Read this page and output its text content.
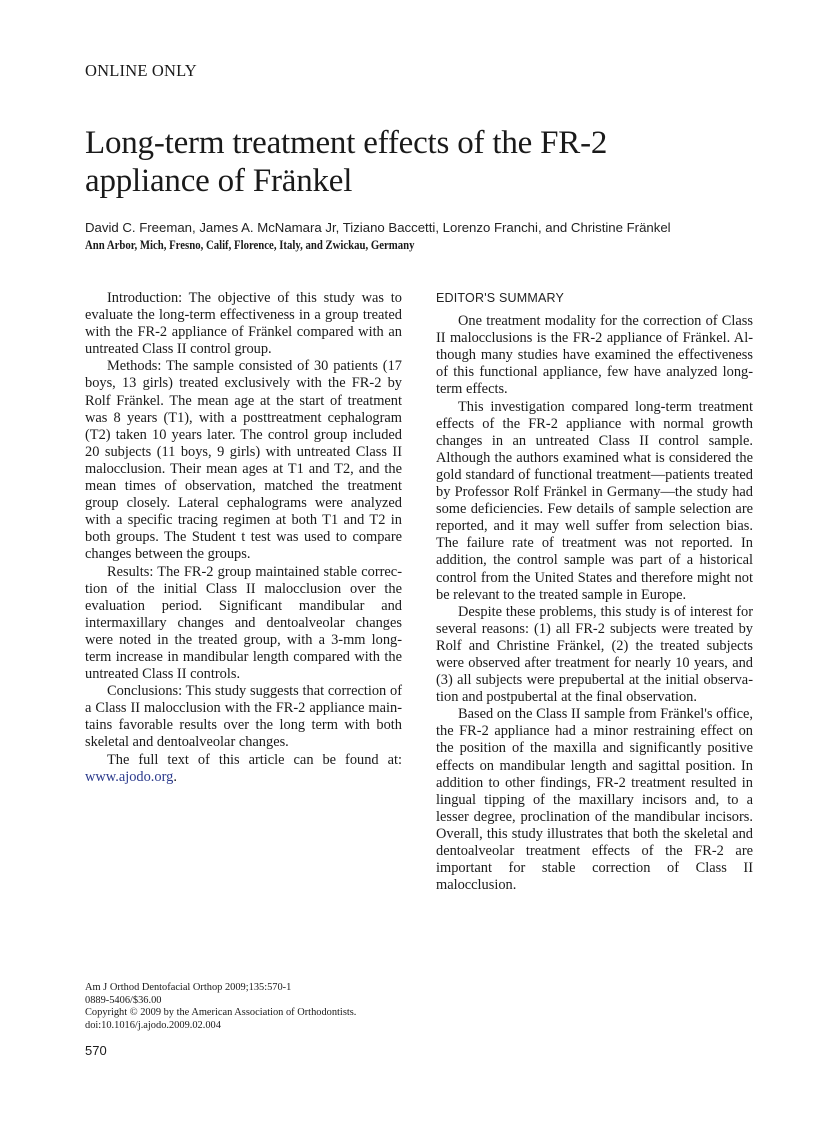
ONLINE ONLY
Long-term treatment effects of the FR-2
appliance of Fränkel
David C. Freeman, James A. McNamara Jr, Tiziano Baccetti, Lorenzo Franchi, and Christine Fränkel
Ann Arbor, Mich, Fresno, Calif, Florence, Italy, and Zwickau, Germany

Introduction: The objective of this study was to evaluate the long-term effectiveness in a group treated with the FR-2 appliance of Fränkel compared with an untreated Class II control group.

Methods: The sample consisted of 30 patients (17 boys, 13 girls) treated exclusively with the FR-2 by Rolf Fränkel. The mean age at the start of treatment was 8 years (T1), with a posttreatment cephalogram (T2) taken 10 years later. The control group included 20 subjects (11 boys, 9 girls) with untreated Class II malocclusion. Their mean ages at T1 and T2, and the mean times of observation, matched the treatment group closely. Lateral cephalograms were analyzed with a specific tracing regimen at both T1 and T2 in both groups. The Student t test was used to compare changes between the groups.

Results: The FR-2 group maintained stable correction of the initial Class II malocclusion over the evaluation period. Significant mandibular and intermaxillary changes and dentoalveolar changes were noted in the treated group, with a 3-mm long-term increase in mandibular length compared with the untreated Class II controls.

Conclusions: This study suggests that correction of a Class II malocclusion with the FR-2 appliance maintains favorable results over the long term with both skeletal and dentoalveolar changes.

The full text of this article can be found at: www.ajodo.org.

EDITOR'S SUMMARY

One treatment modality for the correction of Class II malocclusions is the FR-2 appliance of Fränkel. Although many studies have examined the effectiveness of this functional appliance, few have analyzed long-term effects.

This investigation compared long-term treatment effects of the FR-2 appliance with normal growth changes in an untreated Class II control sample. Although the authors examined what is considered the gold standard of functional treatment—patients treated by Professor Rolf Fränkel in Germany—the study had some deficiencies. Few details of sample selection are reported, and it may well suffer from selection bias. The failure rate of treatment was not reported. In addition, the control sample was part of a historical control from the United States and therefore might not be relevant to the treated sample in Europe.

Despite these problems, this study is of interest for several reasons: (1) all FR-2 subjects were treated by Rolf and Christine Fränkel, (2) the treated subjects were observed after treatment for nearly 10 years, and (3) all subjects were prepubertal at the initial observation and postpubertal at the final observation.

Based on the Class II sample from Fränkel's office, the FR-2 appliance had a minor restraining effect on the position of the maxilla and significantly positive effects on mandibular length and sagittal position. In addition to other findings, FR-2 treatment resulted in lingual tipping of the maxillary incisors and, to a lesser degree, proclination of the mandibular incisors. Overall, this study illustrates that both the skeletal and dentoalveolar treatment effects of the FR-2 are important for stable correction of Class II malocclusion.

Am J Orthod Dentofacial Orthop 2009;135:570-1
0889-5406/$36.00
Copyright © 2009 by the American Association of Orthodontists.
doi:10.1016/j.ajodo.2009.02.004
570
